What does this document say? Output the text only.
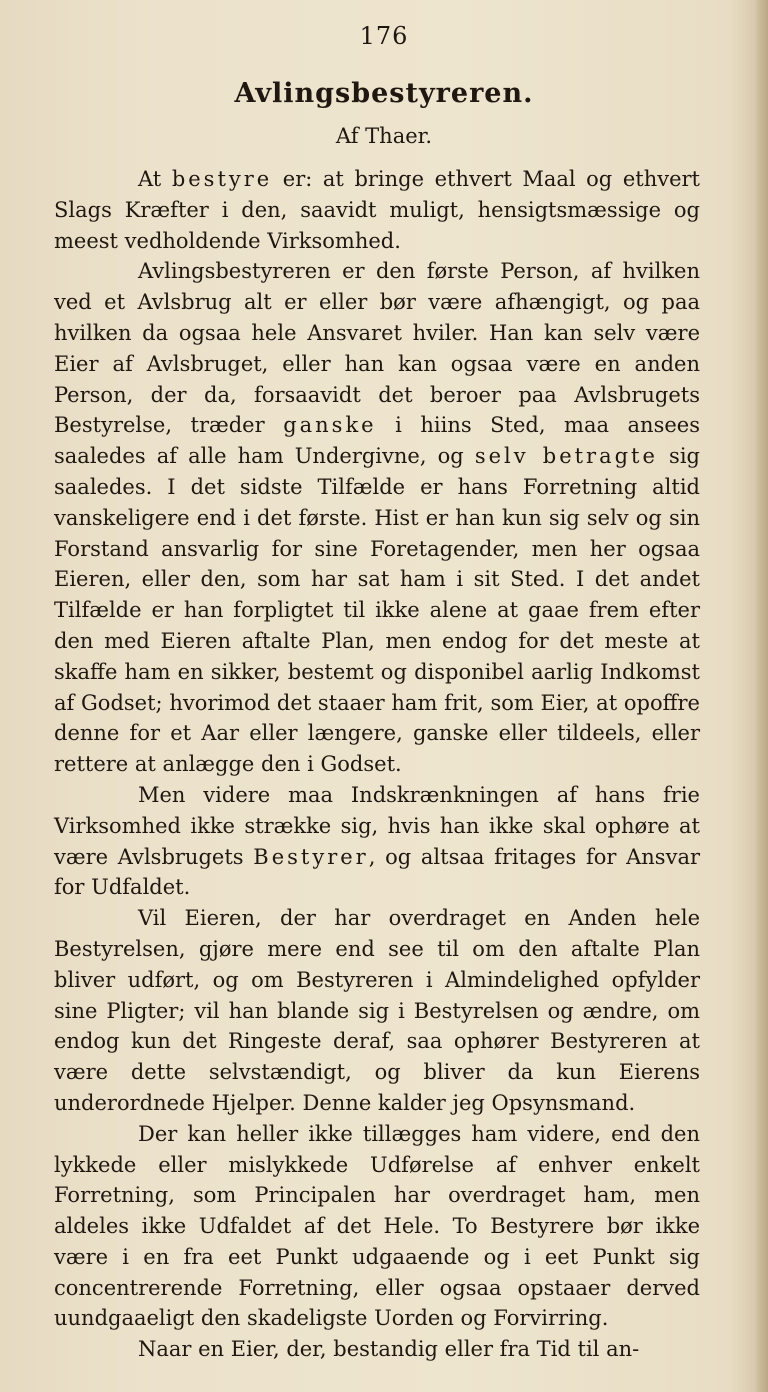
176
Avlingsbestyreren.
Af Thaer.

At bestyre er: at bringe ethvert Maal og ethvert Slags Kræfter i den, saavidt muligt, hensigtsmæssige og meest vedholdende Virksomhed.

Avlingsbestyreren er den første Person, af hvilken ved et Avlsbrug alt er eller bør være afhængigt, og paa hvilken da ogsaa hele Ansvaret hviler. Han kan selv være Eier af Avlsbruget, eller han kan ogsaa være en anden Person, der da, forsaavidt det beroer paa Avlsbrugets Bestyrelse, træder ganske i hiins Sted, maa ansees saaledes af alle ham Undergivne, og selv betragte sig saaledes. I det sidste Tilfælde er hans Forretning altid vanskeligere end i det første. Hist er han kun sig selv og sin Forstand ansvarlig for sine Foretagender, men her ogsaa Eieren, eller den, som har sat ham i sit Sted. I det andet Tilfælde er han forpligtet til ikke alene at gaae frem efter den med Eieren aftalte Plan, men endog for det meste at skaffe ham en sikker, bestemt og disponibel aarlig Indkomst af Godset; hvorimod det staaer ham frit, som Eier, at opoffre denne for et Aar eller længere, ganske eller tildeels, eller rettere at anlægge den i Godset.

Men videre maa Indskrænkningen af hans frie Virksomhed ikke strække sig, hvis han ikke skal ophøre at være Avlsbrugets Bestyrer, og altsaa fritages for Ansvar for Udfaldet.

Vil Eieren, der har overdraget en Anden hele Bestyrelsen, gjøre mere end see til om den aftalte Plan bliver udført, og om Bestyreren i Almindelighed opfylder sine Pligter; vil han blande sig i Bestyrelsen og ændre, om endog kun det Ringeste deraf, saa ophører Bestyreren at være dette selvstændigt, og bliver da kun Eierens underordnede Hjelper. Denne kalder jeg Opsynsmand.

Der kan heller ikke tillægges ham videre, end den lykkede eller mislykkede Udførelse af enhver enkelt Forretning, som Principalen har overdraget ham, men aldeles ikke Udfaldet af det Hele. To Bestyrere bør ikke være i en fra eet Punkt udgaaende og i eet Punkt sig concentrerende Forretning, eller ogsaa opstaaer derved uundgaaeligt den skadeligste Uorden og Forvirring.

Naar en Eier, der, bestandig eller fra Tid til an-
